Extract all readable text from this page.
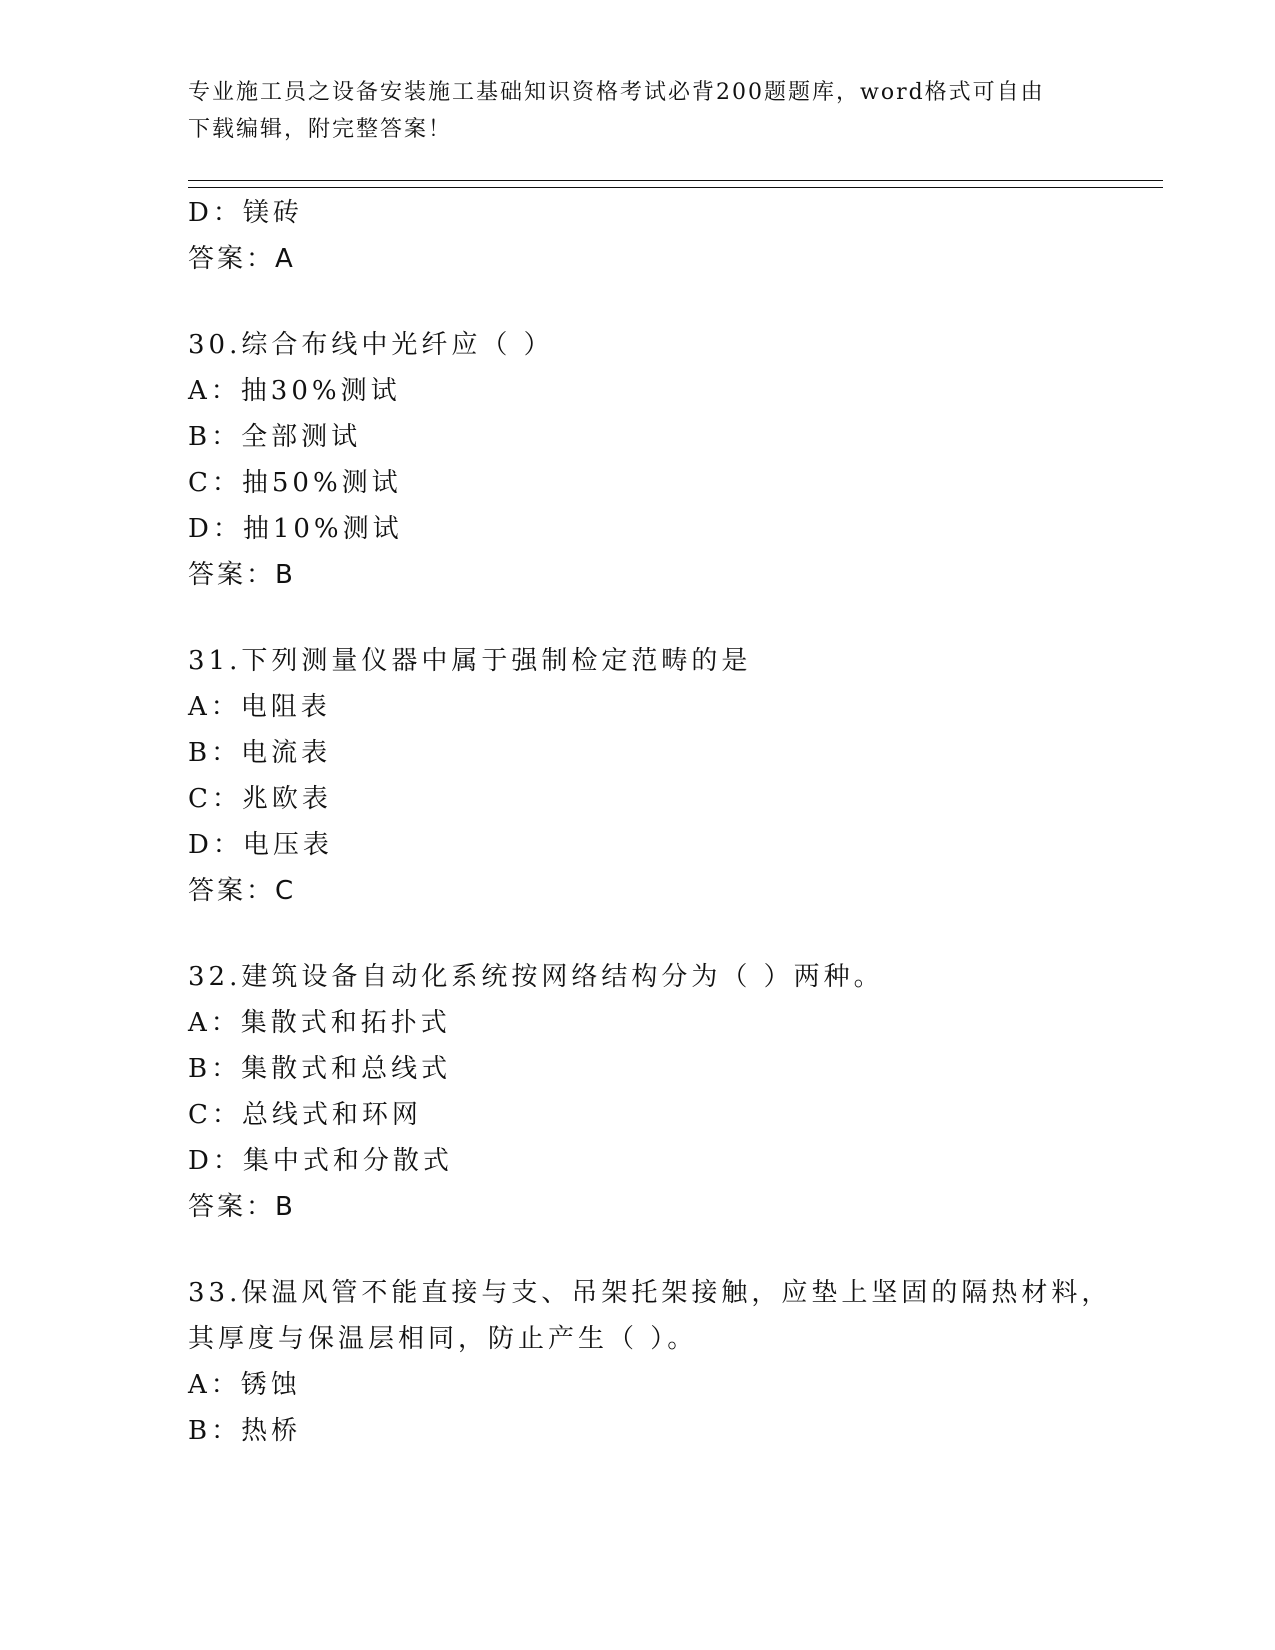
专业施工员之设备安装施工基础知识资格考试必背200题题库，word格式可自由
下载编辑，附完整答案！
D：镁砖
答案：A
30.综合布线中光纤应（ ）
A：抽30%测试
B：全部测试
C：抽50%测试
D：抽10%测试
答案：B
31.下列测量仪器中属于强制检定范畴的是
A：电阻表
B：电流表
C：兆欧表
D：电压表
答案：C
32.建筑设备自动化系统按网络结构分为（ ）两种。
A：集散式和拓扑式
B：集散式和总线式
C：总线式和环网
D：集中式和分散式
答案：B
33.保温风管不能直接与支、吊架托架接触，应垫上坚固的隔热材料，
其厚度与保温层相同，防止产生（ ）。
A：锈蚀
B：热桥
